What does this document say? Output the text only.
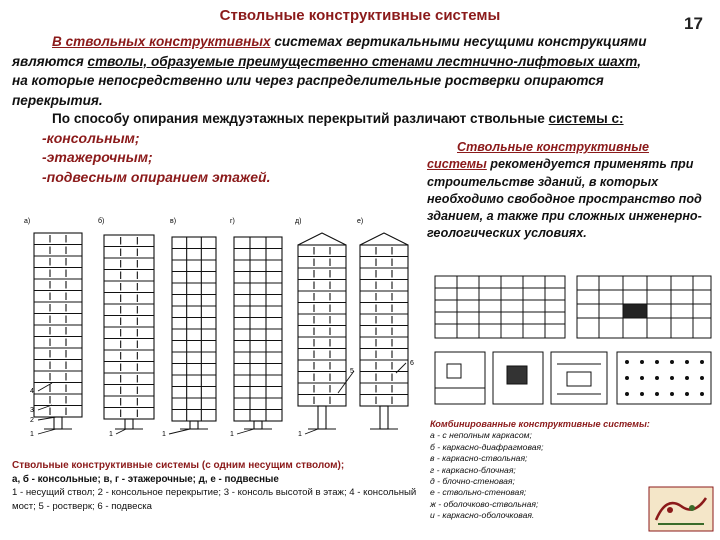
Ствольные конструктивные системы	17
В ствольных конструктивных системах вертикальными несущими конструкциями являются стволы, образуемые преимущественно стенами лестнично-лифтовых шахт, на которые непосредственно или через распределительные ростверки опираются перекрытия.
По способу опирания междуэтажных перекрытий различают ствольные системы с:
-консольным;
-этажерочным;
-подвесным опиранием этажей.
Ствольные конструктивные системы рекомендуется применять при строительстве зданий, в которых необходимо свободное пространство под зданием, а также при сложных инженерно-геологических условиях.
а)	б)	в)	г)	д)	е)
4
3
2
1	1	1	1
5
6
1
Ствольные конструктивные системы (с одним несущим стволом);
а, б - консольные; в, г - этажерочные; д, е - подвесные
1 - несущий ствол; 2 - консольное перекрытие; 3 - консоль высотой в этаж; 4 - консольный мост; 5 - ростверк; 6 - подвеска
Комбинированные конструктивные системы:
а - с неполным каркасом;
б - каркасно-диафрагмовая;
в - каркасно-ствольная;
г - каркасно-блочная;
д - блочно-стеновая;
е - ствольно-стеновая;
ж - оболочково-ствольная;
и - каркасно-оболочковая.
